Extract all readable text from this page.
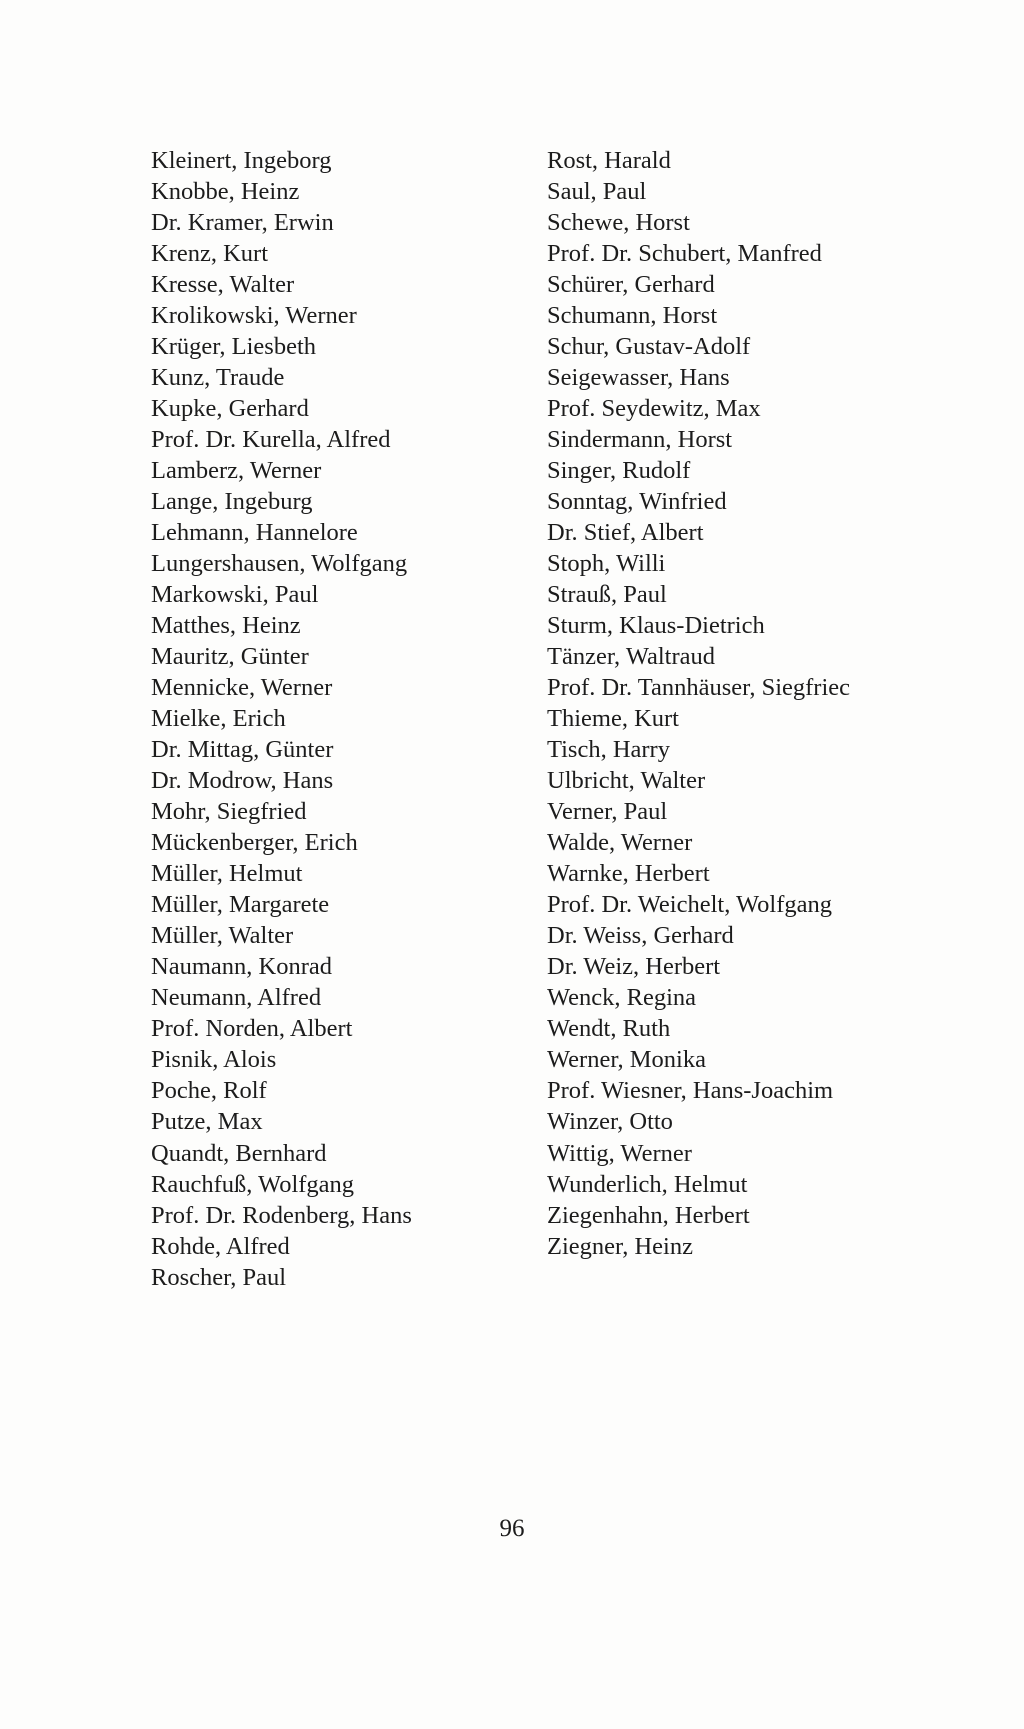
Kleinert, Ingeborg
Knobbe, Heinz
Dr. Kramer, Erwin
Krenz, Kurt
Kresse, Walter
Krolikowski, Werner
Krüger, Liesbeth
Kunz, Traude
Kupke, Gerhard
Prof. Dr. Kurella, Alfred
Lamberz, Werner
Lange, Ingeburg
Lehmann, Hannelore
Lungershausen, Wolfgang
Markowski, Paul
Matthes, Heinz
Mauritz, Günter
Mennicke, Werner
Mielke, Erich
Dr. Mittag, Günter
Dr. Modrow, Hans
Mohr, Siegfried
Mückenberger, Erich
Müller, Helmut
Müller, Margarete
Müller, Walter
Naumann, Konrad
Neumann, Alfred
Prof. Norden, Albert
Pisnik, Alois
Poche, Rolf
Putze, Max
Quandt, Bernhard
Rauchfuß, Wolfgang
Prof. Dr. Rodenberg, Hans
Rohde, Alfred
Roscher, Paul
Rost, Harald
Saul, Paul
Schewe, Horst
Prof. Dr. Schubert, Manfred
Schürer, Gerhard
Schumann, Horst
Schur, Gustav-Adolf
Seigewasser, Hans
Prof. Seydewitz, Max
Sindermann, Horst
Singer, Rudolf
Sonntag, Winfried
Dr. Stief, Albert
Stoph, Willi
Strauß, Paul
Sturm, Klaus-Dietrich
Tänzer, Waltraud
Prof. Dr. Tannhäuser, Siegfriec
Thieme, Kurt
Tisch, Harry
Ulbricht, Walter
Verner, Paul
Walde, Werner
Warnke, Herbert
Prof. Dr. Weichelt, Wolfgang
Dr. Weiss, Gerhard
Dr. Weiz, Herbert
Wenck, Regina
Wendt, Ruth
Werner, Monika
Prof. Wiesner, Hans-Joachim
Winzer, Otto
Wittig, Werner
Wunderlich, Helmut
Ziegenhahn, Herbert
Ziegner, Heinz
96
